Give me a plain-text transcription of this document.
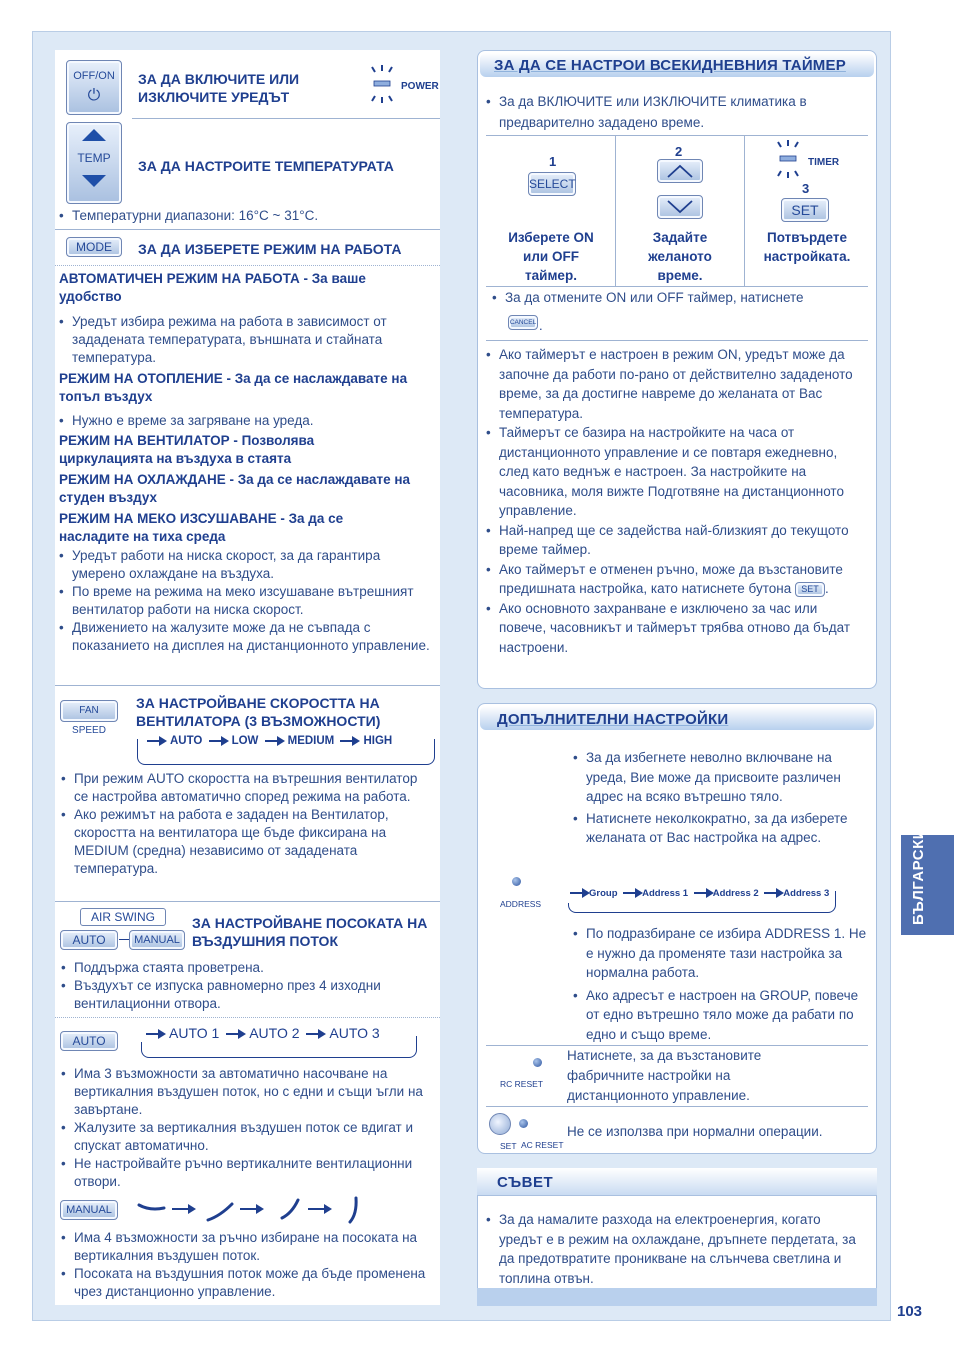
OFF/ON
⏻
ЗА ДА ВКЛЮЧИТЕ ИЛИ ИЗКЛЮЧИТЕ УРЕДЪТ
POWER
TEMP	ЗА ДА НАСТРОИТЕ ТЕМПЕРАТУРАТА
• Температурни диапазони: 16°C ~ 31°C.
MODE	ЗА ДА ИЗБЕРЕТЕ РЕЖИМ НА РАБОТА
АВТОМАТИЧЕН РЕЖИМ НА РАБОТА - За ваше удобство
• Уредът избира режима на работа в зависимост от зададената температурата, външната и стайната температура.
РЕЖИМ НА ОТОПЛЕНИЕ - За да се наслаждавате на топъл въздух
• Нужно е време за загряване на уреда.
РЕЖИМ НА ВЕНТИЛАТОР - Позволява циркулацията на въздуха в стаята
РЕЖИМ НА ОХЛАЖДАНЕ - За да се наслаждавате на студен въздух
РЕЖИМ НА МЕКО ИЗСУШАВАНЕ - За да се насладите на тиха среда
• Уредът работи на ниска скорост, за да гарантира умерено охлаждане на въздуха.
• По време на режима на меко изсушаване вътрешният вентилатор работи на ниска скорост.
• Движението на жалузите може да не съвпада с показанието на дисплея на дистанционното управление.
FAN SPEED
ЗА НАСТРОЙВАНЕ СКОРОСТТА НА ВЕНТИЛАТОРА (3 ВЪЗМОЖНОСТИ)
AUTO	LOW	MEDIUM	HIGH
• При режим AUTO скоростта на вътрешния вентилатор се настройва автоматично според режима на работа.
• Ако режимът на работа е зададен на Вентилатор, скоростта на вентилатора ще бъде фиксирана на MEDIUM (средна) независимо от зададената температура.
AIR SWING
AUTO	MANUAL
ЗА НАСТРОЙВАНЕ ПОСОКАТА НА ВЪЗДУШНИЯ ПОТОК
• Поддържа стаята проветрена.
• Въздухът се изпуска равномерно през 4 изходни вентилационни отвора.
AUTO	AUTO 1 AUTO 2 AUTO 3
• Има 3 възможности за автоматично насочване на вертикалния въздушен поток, но с едни и същи ъгли на завъртане.
• Жалузите за вертикалния въздушен поток се вдигат и спускат автоматично.
• Не настройвайте ръчно вертикалните вентилационни отвори.
MANUAL
• Има 4 възможности за ръчно избиране на посоката на вертикалния въздушен поток.
• Посоката на въздушния поток може да бъде променена чрез дистанционно управление.
ЗА ДА СЕ НАСТРОИ ВСЕКИДНЕВНИЯ ТАЙМЕР
• За да ВКЛЮЧИТЕ или ИЗКЛЮЧИТЕ климатика в предварително зададено време.
1
SELECT
Изберете ON или OFF таймер.
2
Задайте желаното време.
TIMER
3
SET
Потвърдете настройката.
• За да отмените ON или OFF таймер, натиснете
CANCEL .
• Ако таймерът е настроен в режим ON, уредът може да започне да работи по-рано от действително зададеното време, за да достигне навреме до желаната от Вас температура.
• Таймерът се базира на настройките на часа от дистанционното управление и се повтаря ежедневно, след като веднъж е настроен. За настройките на часовника, моля вижте Подготвяне на дистанционното управление.
• Най-напред ще се задейства най-близкият до текущото време таймер.
• Ако таймерът е отменен ръчно, може да възстановите предишната настройка, като натиснете бутона SET .
• Ако основното захранване е изключено за час или повече, часовникът и таймерът трябва отново да бъдат настроени.
ДОПЪЛНИТЕЛНИ НАСТРОЙКИ
ADDRESS
• За да избегнете неволно включване на уреда, Вие може да присвоите различен адрес на всяко вътрешно тяло.
• Натиснете неколкократно, за да изберете желаната от Вас настройка на адрес.
Group	Address 1	Address 2	Address 3
• По подразбиране се избира ADDRESS 1. Не е нужно да променяте тази настройка за нормална работа.
• Ако адресът е настроен на GROUP, повече от едно вътрешно тяло може да рабати по едно и също време.
RC RESET
Натиснете, за да възстановите фабричните настройки на дистанционното управление.
SET AC RESET
Не се използва при нормални операции.
СЪВЕТ
• За да намалите разхода на електроенергия, когато уредът е в режим на охлаждане, дръпнете пердетата, за да предотвратите проникване на слънчева светлина и топлина отвън.
БЪЛГАРСКИ
103
